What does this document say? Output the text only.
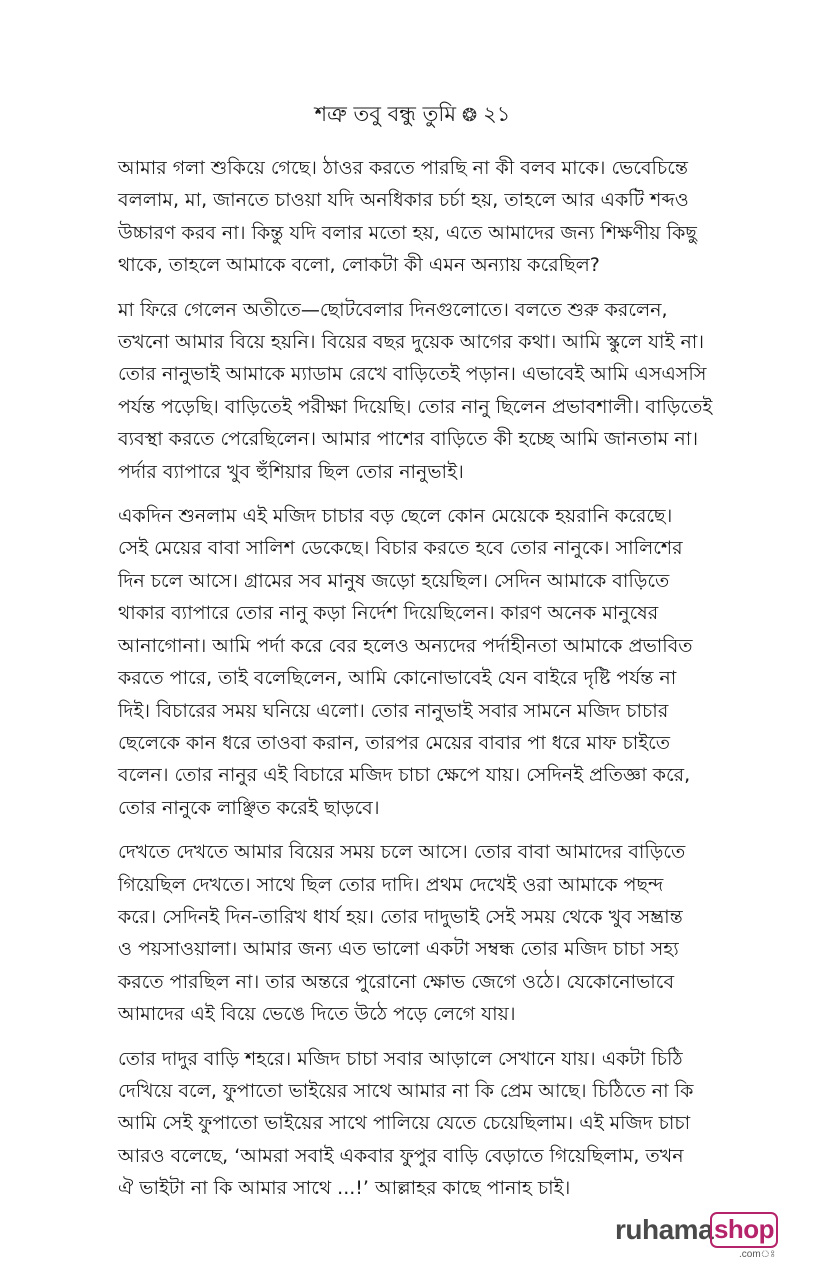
শত্রু তবু বন্ধু তুমি ❂ ২১
আমার গলা শুকিয়ে গেছে। ঠাওর করতে পারছি না কী বলব মাকে। ভেবেচিন্তে
বললাম, মা, জানতে চাওয়া যদি অনধিকার চর্চা হয়, তাহলে আর একটি শব্দও
উচ্চারণ করব না। কিন্তু যদি বলার মতো হয়, এতে আমাদের জন্য শিক্ষণীয় কিছু
থাকে, তাহলে আমাকে বলো, লোকটা কী এমন অন্যায় করেছিল?
মা ফিরে গেলেন অতীতে—ছোটবেলার দিনগুলোতে। বলতে শুরু করলেন,
তখনো আমার বিয়ে হয়নি। বিয়ের বছর দুয়েক আগের কথা। আমি স্কুলে যাই না।
তোর নানুভাই আমাকে ম্যাডাম রেখে বাড়িতেই পড়ান। এভাবেই আমি এসএসসি
পর্যন্ত পড়েছি। বাড়িতেই পরীক্ষা দিয়েছি। তোর নানু ছিলেন প্রভাবশালী। বাড়িতেই
ব্যবস্থা করতে পেরেছিলেন। আমার পাশের বাড়িতে কী হচ্ছে আমি জানতাম না।
পর্দার ব্যাপারে খুব হুঁশিয়ার ছিল তোর নানুভাই।
একদিন শুনলাম এই মজিদ চাচার বড় ছেলে কোন মেয়েকে হয়রানি করেছে।
সেই মেয়ের বাবা সালিশ ডেকেছে। বিচার করতে হবে তোর নানুকে। সালিশের
দিন চলে আসে। গ্রামের সব মানুষ জড়ো হয়েছিল। সেদিন আমাকে বাড়িতে
থাকার ব্যাপারে তোর নানু কড়া নির্দেশ দিয়েছিলেন। কারণ অনেক মানুষের
আনাগোনা। আমি পর্দা করে বের হলেও অন্যদের পর্দাহীনতা আমাকে প্রভাবিত
করতে পারে, তাই বলেছিলেন, আমি কোনোভাবেই যেন বাইরে দৃষ্টি পর্যন্ত না
দিই। বিচারের সময় ঘনিয়ে এলো। তোর নানুভাই সবার সামনে মজিদ চাচার
ছেলেকে কান ধরে তাওবা করান, তারপর মেয়ের বাবার পা ধরে মাফ চাইতে
বলেন। তোর নানুর এই বিচারে মজিদ চাচা ক্ষেপে যায়। সেদিনই প্রতিজ্ঞা করে,
তোর নানুকে লাঞ্ছিত করেই ছাড়বে।
দেখতে দেখতে আমার বিয়ের সময় চলে আসে। তোর বাবা আমাদের বাড়িতে
গিয়েছিল দেখতে। সাথে ছিল তোর দাদি। প্রথম দেখেই ওরা আমাকে পছন্দ
করে। সেদিনই দিন-তারিখ ধার্য হয়। তোর দাদুভাই সেই সময় থেকে খুব সম্ভ্রান্ত
ও পয়সাওয়ালা। আমার জন্য এত ভালো একটা সম্বন্ধ তোর মজিদ চাচা সহ্য
করতে পারছিল না। তার অন্তরে পুরোনো ক্ষোভ জেগে ওঠে। যেকোনোভাবে
আমাদের এই বিয়ে ভেঙে দিতে উঠে পড়ে লেগে যায়।
তোর দাদুর বাড়ি শহরে। মজিদ চাচা সবার আড়ালে সেখানে যায়। একটা চিঠি
দেখিয়ে বলে, ফুপাতো ভাইয়ের সাথে আমার না কি প্রেম আছে। চিঠিতে না কি
আমি সেই ফুপাতো ভাইয়ের সাথে পালিয়ে যেতে চেয়েছিলাম। এই মজিদ চাচা
আরও বলেছে, ‘আমরা সবাই একবার ফুপুর বাড়ি বেড়াতে গিয়েছিলাম, তখন
ঐ ভাইটা না কি আমার সাথে ...!’ আল্লাহর কাছে পানাহ চাই।
ruhama shop
.comঃ
